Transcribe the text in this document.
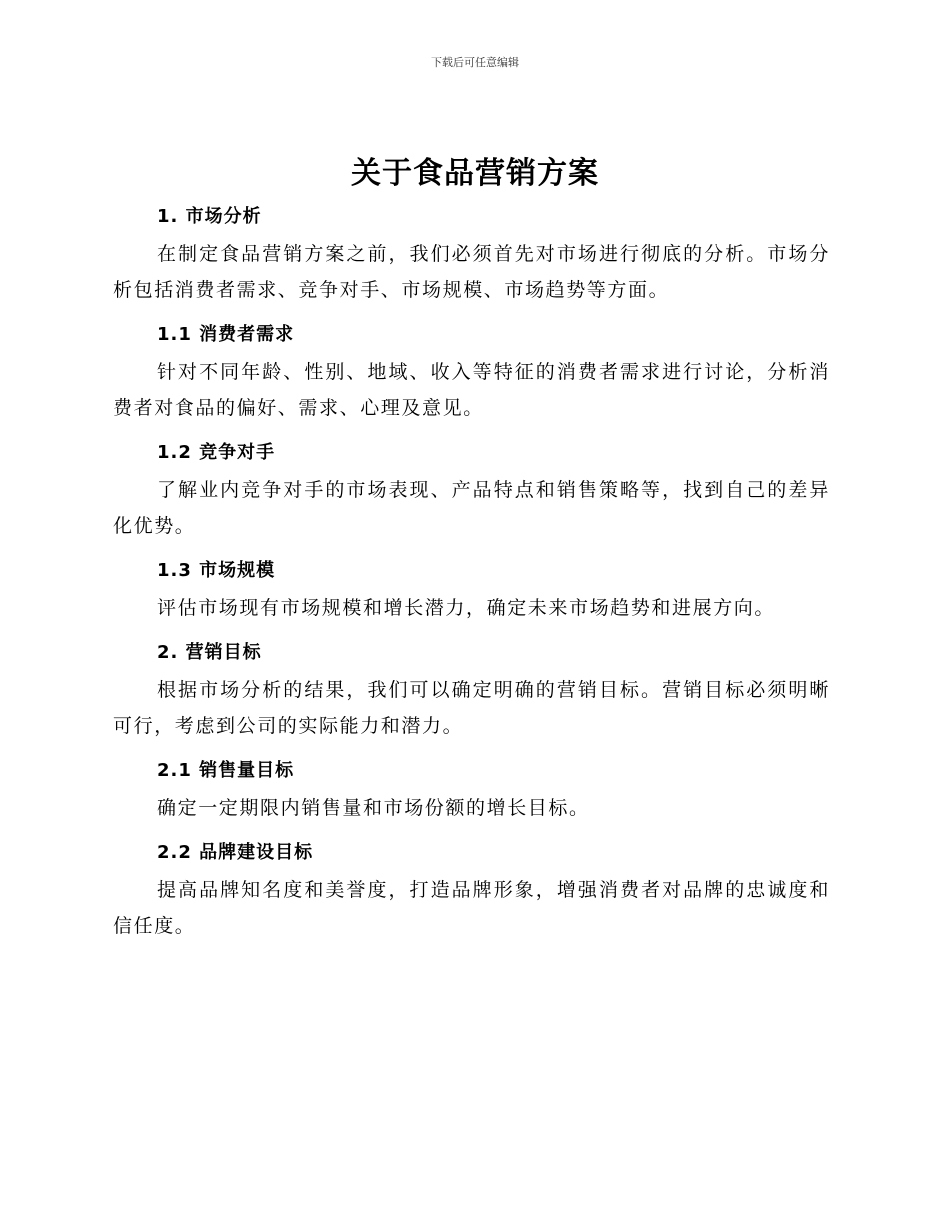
下载后可任意编辑
关于食品营销方案
1. 市场分析

在制定食品营销方案之前，我们必须首先对市场进行彻底的分析。市场分析包括消费者需求、竞争对手、市场规模、市场趋势等方面。

1.1 消费者需求

针对不同年龄、性别、地域、收入等特征的消费者需求进行讨论，分析消费者对食品的偏好、需求、心理及意见。

1.2 竞争对手

了解业内竞争对手的市场表现、产品特点和销售策略等，找到自己的差异化优势。

1.3 市场规模

评估市场现有市场规模和增长潜力，确定未来市场趋势和进展方向。

2. 营销目标

根据市场分析的结果，我们可以确定明确的营销目标。营销目标必须明晰可行，考虑到公司的实际能力和潜力。

2.1 销售量目标

确定一定期限内销售量和市场份额的增长目标。

2.2 品牌建设目标

提高品牌知名度和美誉度，打造品牌形象，增强消费者对品牌的忠诚度和信任度。
